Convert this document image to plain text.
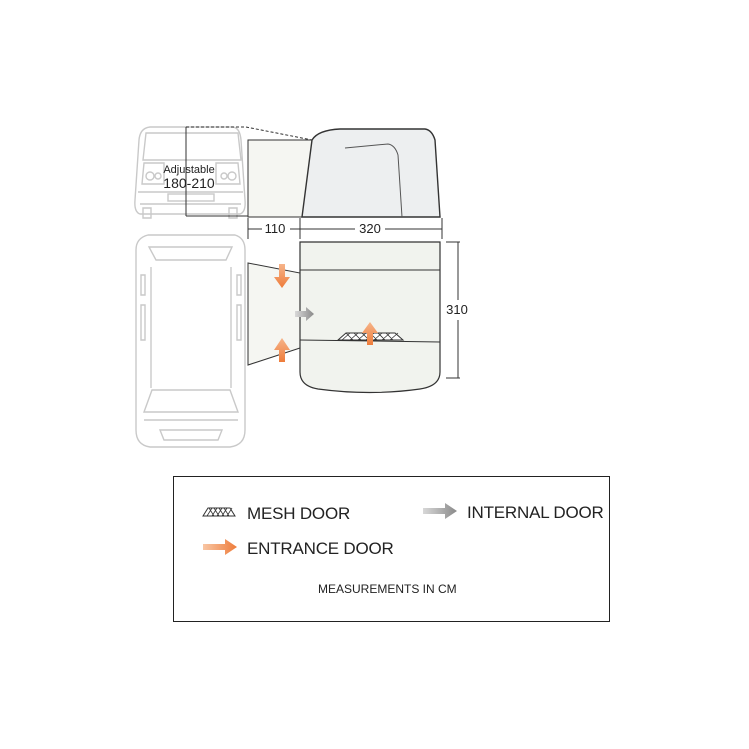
Adjustable
180-210
110	320
310
MESH DOOR	INTERNAL DOOR
ENTRANCE DOOR
MEASUREMENTS IN CM
